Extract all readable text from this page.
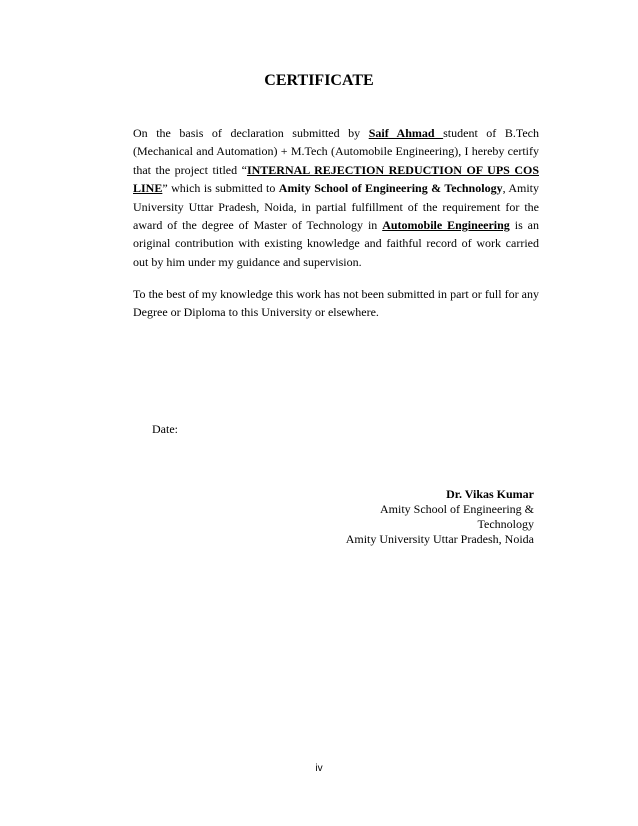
CERTIFICATE

On the basis of declaration submitted by Saif Ahmad student of B.Tech (Mechanical and Automation) + M.Tech (Automobile Engineering), I hereby certify that the project titled “INTERNAL REJECTION REDUCTION OF UPS COS LINE” which is submitted to Amity School of Engineering & Technology, Amity University Uttar Pradesh, Noida, in partial fulfillment of the requirement for the award of the degree of Master of Technology in Automobile Engineering is an original contribution with existing knowledge and faithful record of work carried out by him under my guidance and supervision.

To the best of my knowledge this work has not been submitted in part or full for any Degree or Diploma to this University or elsewhere.

Date:
Dr. Vikas Kumar
Amity School of Engineering &
Technology
Amity University Uttar Pradesh, Noida
iv
